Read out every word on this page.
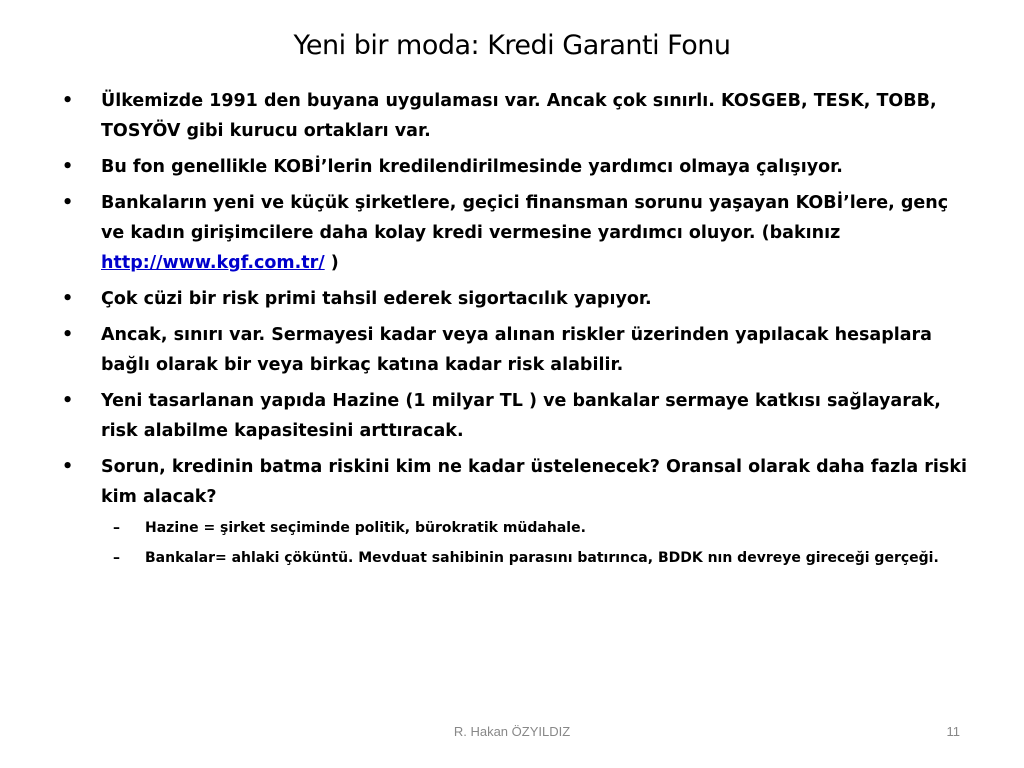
Yeni bir moda: Kredi Garanti Fonu
• Ülkemizde 1991 den buyana uygulaması var. Ancak çok sınırlı. KOSGEB, TESK, TOBB, TOSYÖV gibi kurucu ortakları var.
• Bu fon genellikle KOBİ’lerin kredilendirilmesinde yardımcı olmaya çalışıyor.
• Bankaların yeni ve küçük şirketlere, geçici finansman sorunu yaşayan KOBİ’lere, genç ve kadın girişimcilere daha kolay kredi vermesine yardımcı oluyor. (bakınız http://www.kgf.com.tr/ )
• Çok cüzi bir risk primi tahsil ederek sigortacılık yapıyor.
• Ancak, sınırı var. Sermayesi kadar veya alınan riskler üzerinden yapılacak hesaplara bağlı olarak bir veya birkaç katına kadar risk alabilir.
• Yeni tasarlanan yapıda Hazine (1 milyar TL ) ve bankalar sermaye katkısı sağlayarak, risk alabilme kapasitesini arttıracak.
• Sorun, kredinin batma riskini kim ne kadar üstelenecek? Oransal olarak daha fazla riski kim alacak?
– Hazine = şirket seçiminde politik, bürokratik müdahale.
– Bankalar= ahlaki çöküntü. Mevduat sahibinin parasını batırınca, BDDK nın devreye gireceği gerçeği.
R. Hakan ÖZYILDIZ	11
